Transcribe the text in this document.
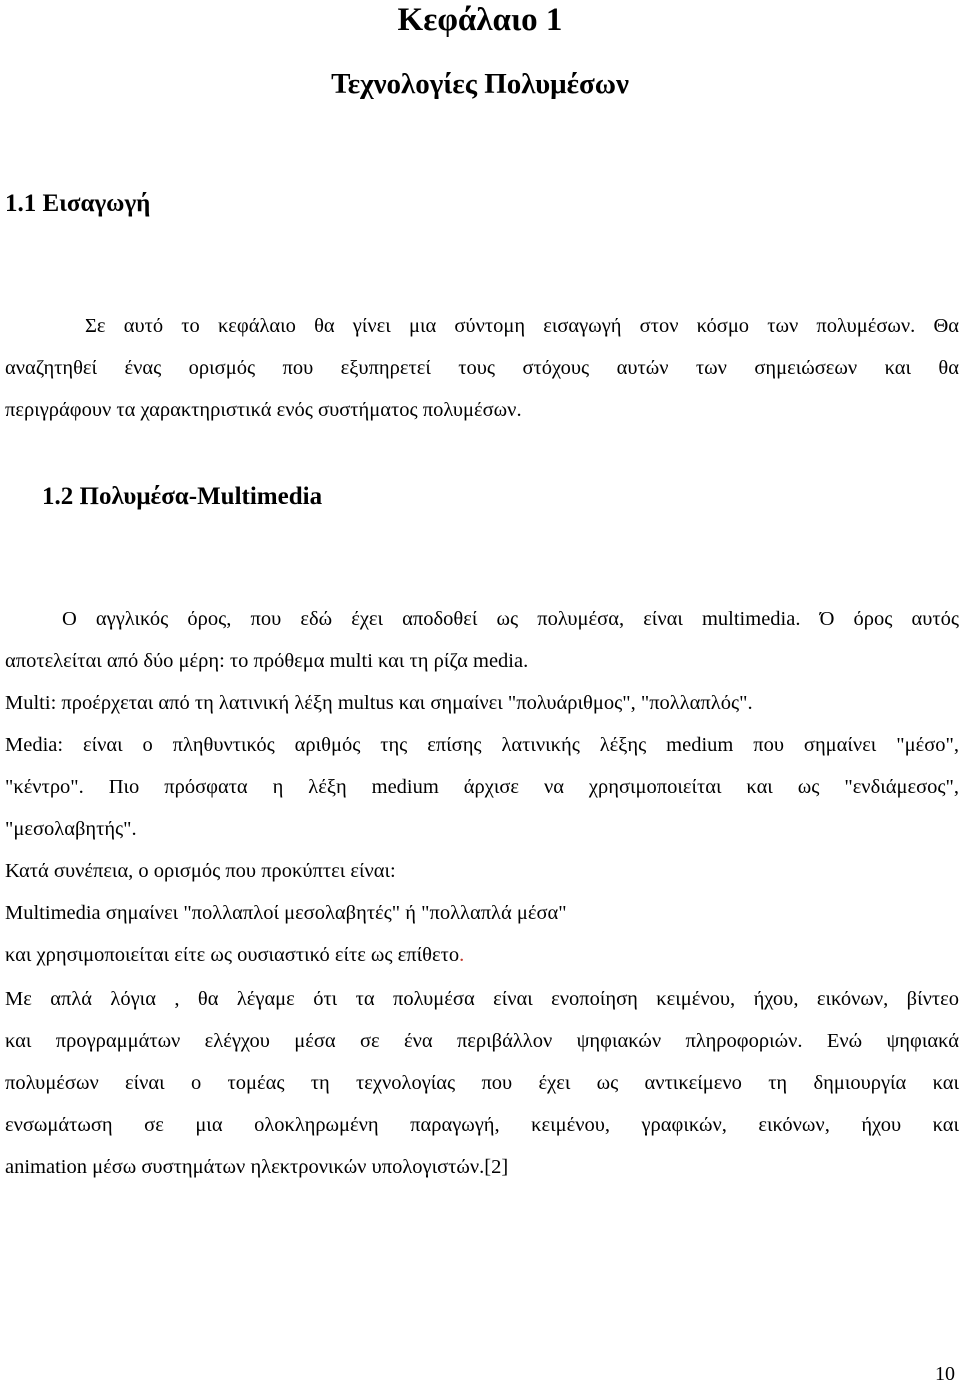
Κεφάλαιο 1
Τεχνολογίες Πολυμέσων
1.1 Εισαγωγή
Σε αυτό το κεφάλαιο θα γίνει μια σύντομη εισαγωγή στον κόσμο των πολυμέσων. Θα
αναζητηθεί ένας ορισμός που εξυπηρετεί τους στόχους αυτών των σημειώσεων και θα
περιγράφουν τα χαρακτηριστικά ενός συστήματος πολυμέσων.
1.2 Πολυμέσα-Multimedia
Ο αγγλικός όρος, που εδώ έχει αποδοθεί ως πολυμέσα, είναι multimedia. Ό όρος αυτός
αποτελείται από δύο μέρη: το πρόθεμα multi και τη ρίζα media.
Multi: προέρχεται από τη λατινική λέξη multus και σημαίνει "πολυάριθμος", "πολλαπλός".
Media: είναι ο πληθυντικός αριθμός της επίσης λατινικής λέξης medium που σημαίνει "μέσο",
"κέντρο". Πιο πρόσφατα η λέξη medium άρχισε να χρησιμοποιείται και ως "ενδιάμεσος",
"μεσολαβητής".
Κατά συνέπεια, ο ορισμός που προκύπτει είναι:
Multimedia σημαίνει "πολλαπλοί μεσολαβητές" ή "πολλαπλά μέσα"
και χρησιμοποιείται είτε ως ουσιαστικό είτε ως επίθετο.
Με απλά λόγια , θα λέγαμε ότι τα πολυμέσα είναι ενοποίηση κειμένου, ήχου, εικόνων, βίντεο
και προγραμμάτων ελέγχου μέσα σε ένα περιβάλλον ψηφιακών πληροφοριών. Ενώ ψηφιακά
πολυμέσων είναι ο τομέας τη τεχνολογίας που έχει ως αντικείμενο τη δημιουργία και
ενσωμάτωση σε μια ολοκληρωμένη παραγωγή, κειμένου, γραφικών, εικόνων, ήχου και
animation μέσω συστημάτων ηλεκτρονικών υπολογιστών.[2]
10
